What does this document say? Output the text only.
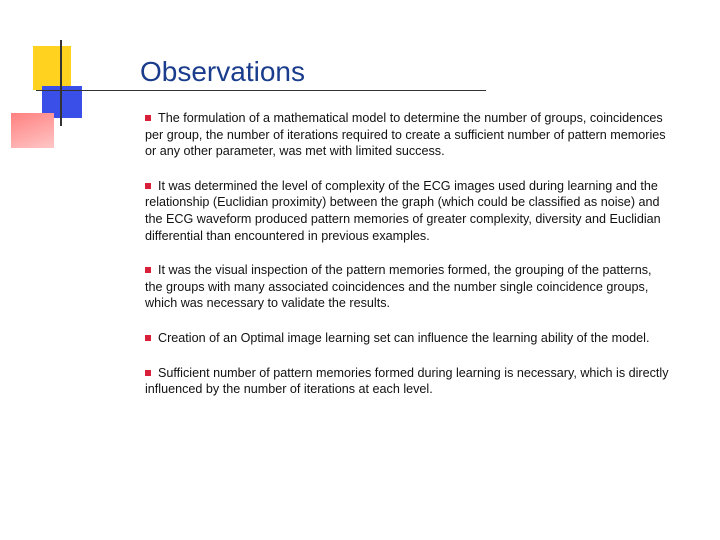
Observations
The formulation of a mathematical model to determine the number of groups, coincidences per group, the number of iterations required to create a sufficient number of pattern memories or any other parameter, was met with limited success.
It was determined the level of complexity of the ECG images used during learning and the relationship (Euclidian proximity) between the graph (which could be classified as noise) and the ECG waveform produced pattern memories of greater complexity, diversity and Euclidian differential than encountered in previous examples.
It was the visual inspection of the pattern memories formed, the grouping of the patterns, the groups with many associated coincidences and the number single coincidence groups, which was necessary to validate the results.
Creation of an Optimal image learning set can influence the learning ability of the model.
Sufficient number of pattern memories formed during learning is necessary, which is directly influenced by the number of iterations at each level.
